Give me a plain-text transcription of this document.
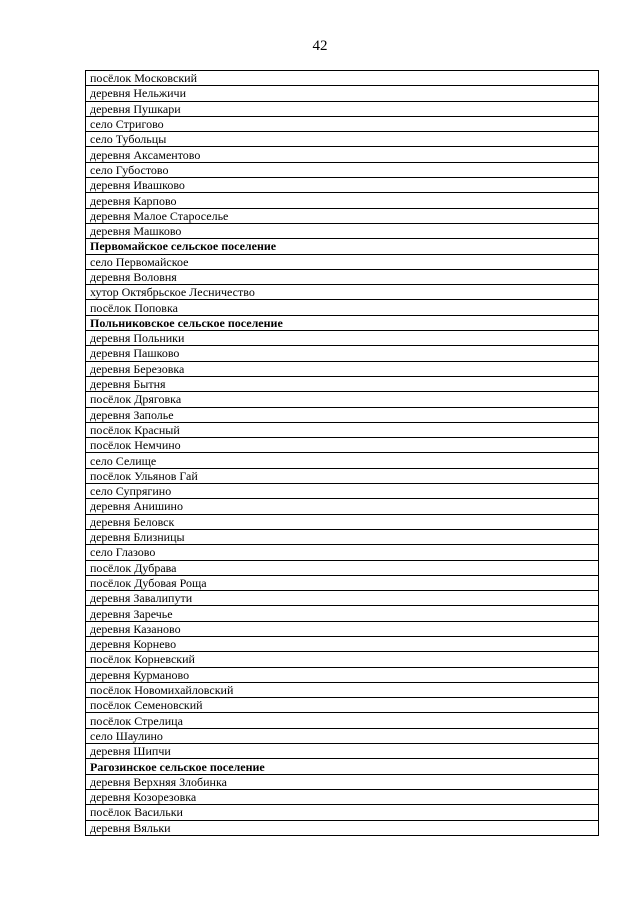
42
посёлок Московский
деревня Нельжичи
деревня Пушкари
село Стригово
село Тубольцы
деревня Аксаментово
село Губостово
деревня Ивашково
деревня Карпово
деревня Малое Староселье
деревня Машково
Первомайское сельское поселение
село Первомайское
деревня Воловня
хутор Октябрьское Лесничество
посёлок Поповка
Польниковское сельское поселение
деревня Польники
деревня Пашково
деревня Березовка
деревня Бытня
посёлок Дряговка
деревня Заполье
посёлок Красный
посёлок Немчино
село Селище
посёлок Ульянов Гай
село Супрягино
деревня Анишино
деревня Беловск
деревня Близницы
село Глазово
посёлок Дубрава
посёлок Дубовая Роща
деревня Завалипути
деревня Заречье
деревня Казаново
деревня Корнево
посёлок Корневский
деревня Курманово
посёлок Новомихайловский
посёлок Семеновский
посёлок Стрелица
село Шаулино
деревня Шипчи
Рагозинское сельское поселение
деревня Верхняя Злобинка
деревня Козорезовка
посёлок Васильки
деревня Вяльки
